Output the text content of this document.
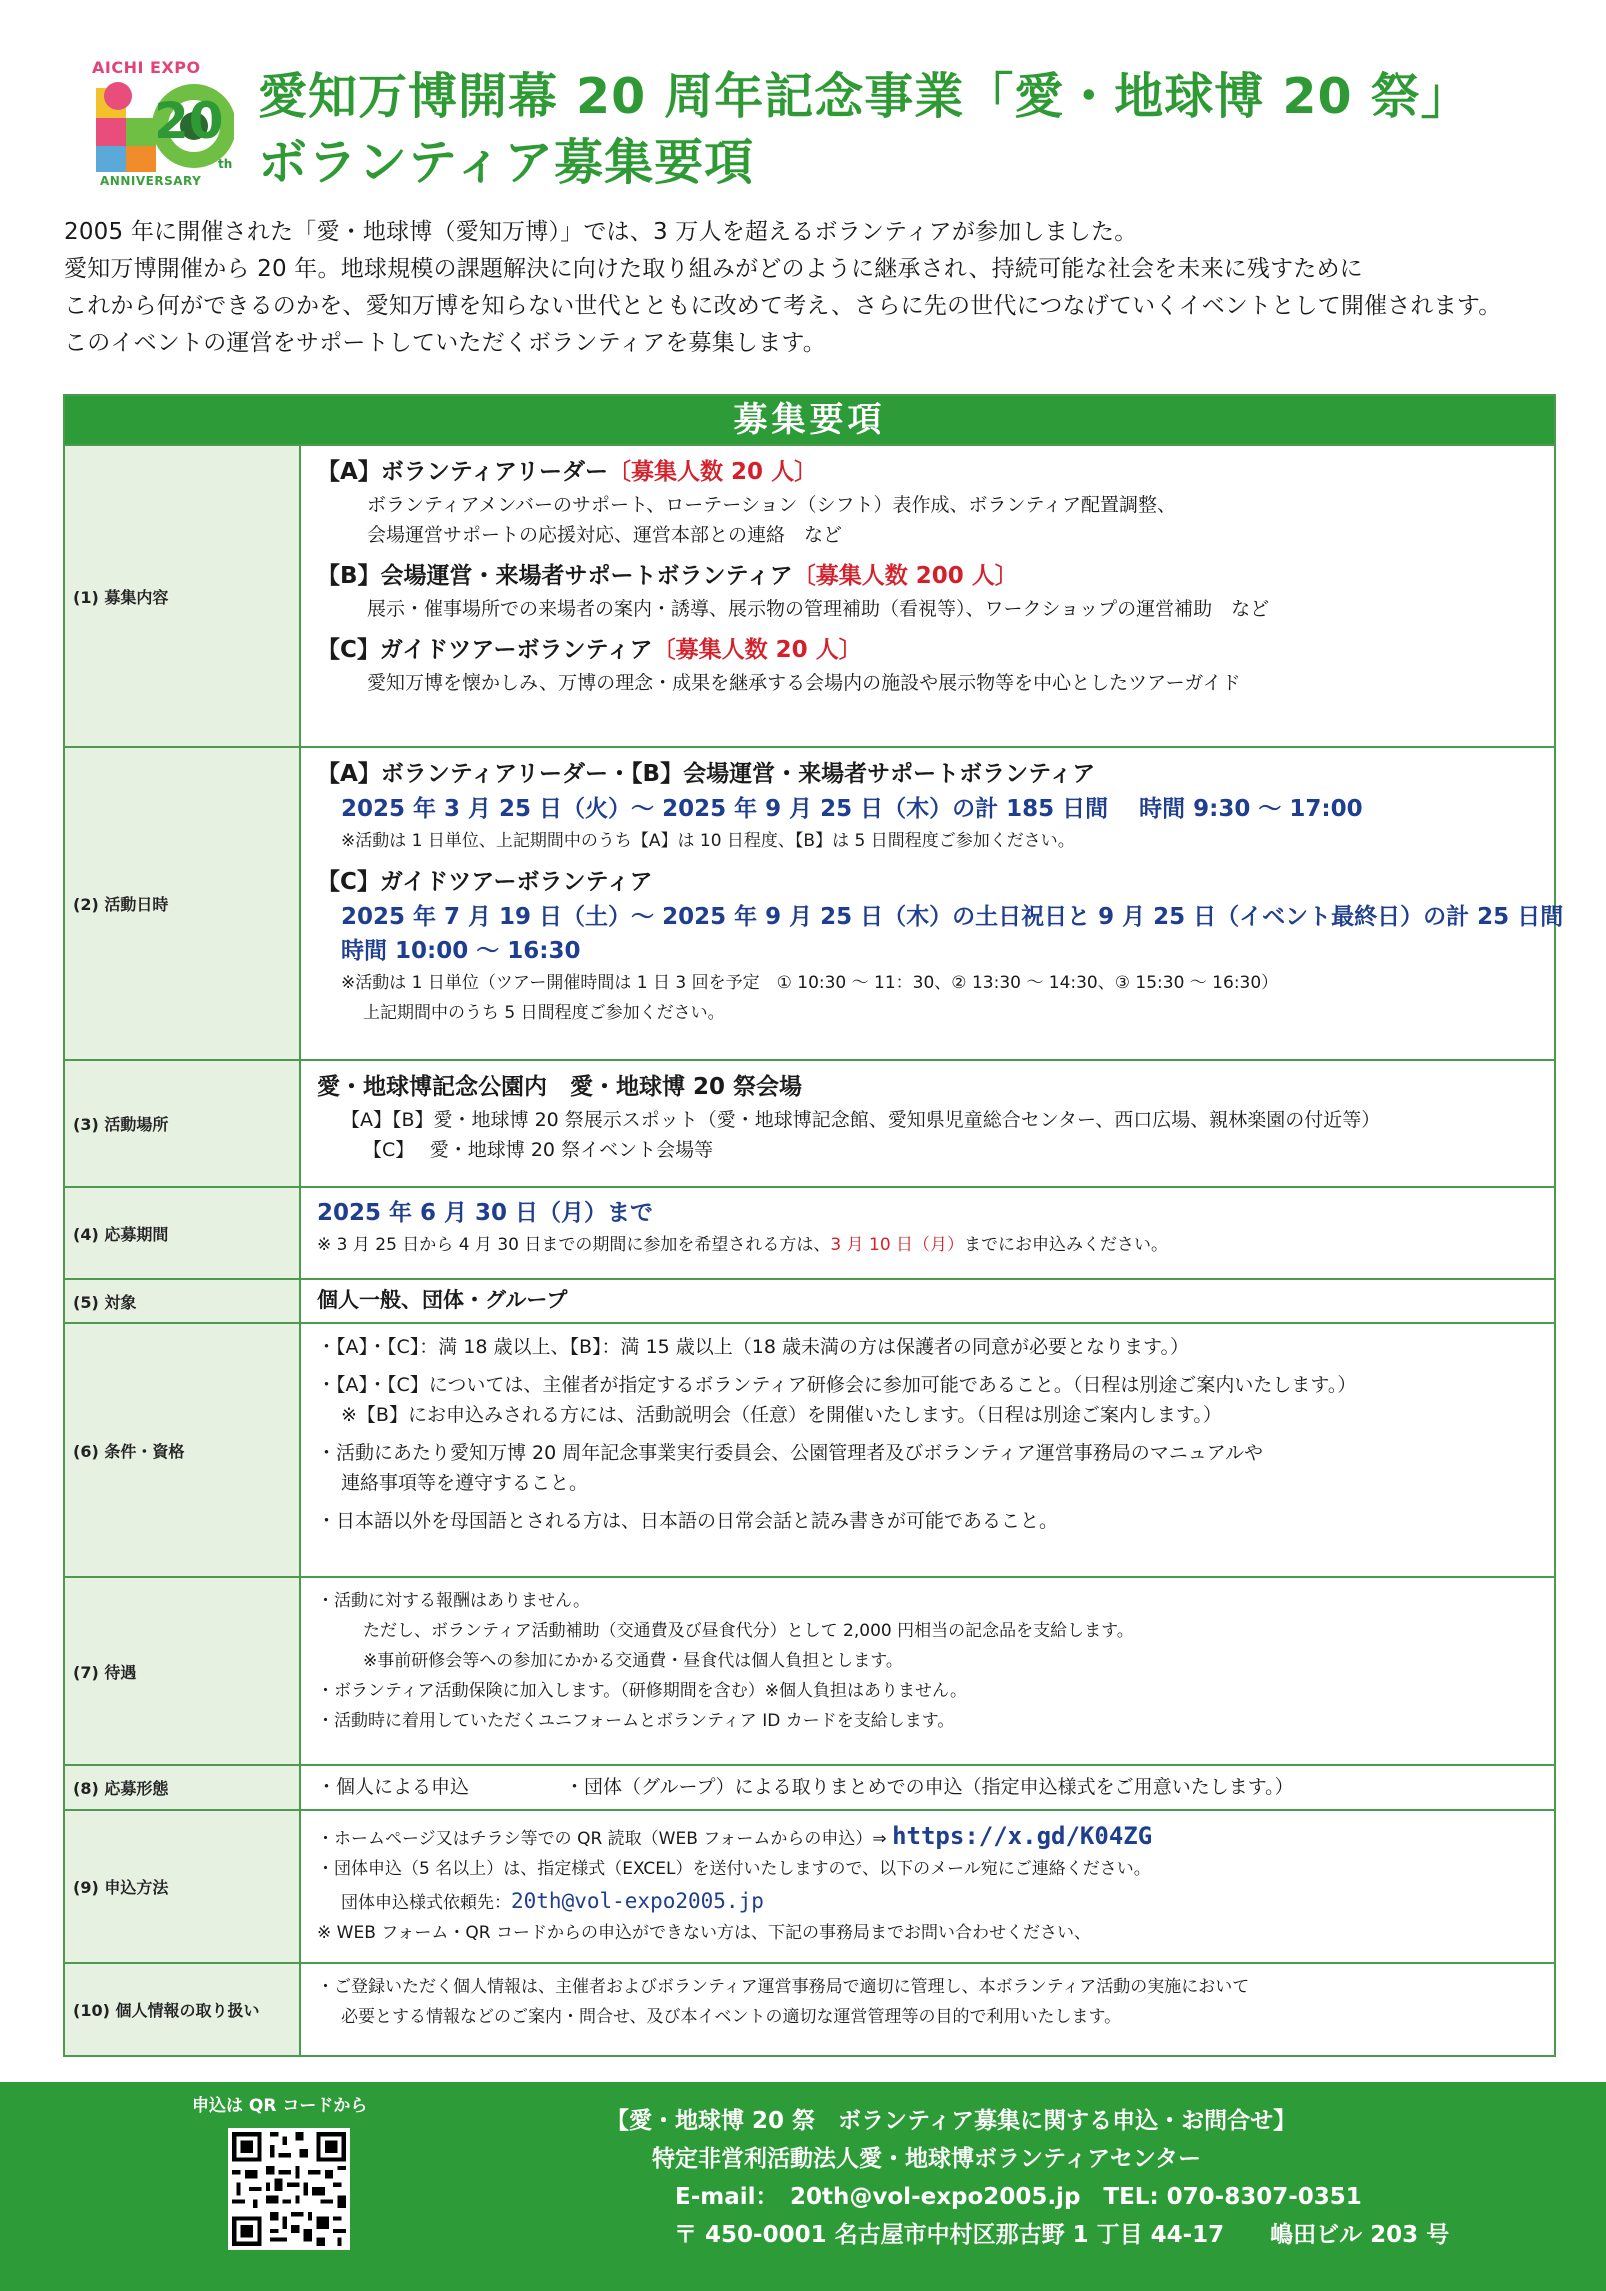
AICHI EXPO
20
th
ANNIVERSARY
愛知万博開幕 20 周年記念事業「愛・地球博 20 祭」
ボランティア募集要項

2005 年に開催された「愛・地球博（愛知万博）」では、3 万人を超えるボランティアが参加しました。

愛知万博開催から 20 年。地球規模の課題解決に向けた取り組みがどのように継承され、持続可能な社会を未来に残すために

これから何ができるのかを、愛知万博を知らない世代とともに改めて考え、さらに先の世代につなげていくイベントとして開催されます。

このイベントの運営をサポートしていただくボランティアを募集します。

募集要項
(1) 募集内容

【A】ボランティアリーダー〔募集人数 20 人〕

ボランティアメンバーのサポート、ローテーション（シフト）表作成、ボランティア配置調整、

会場運営サポートの応援対応、運営本部との連絡　など

【B】会場運営・来場者サポートボランティア〔募集人数 200 人〕

展示・催事場所での来場者の案内・誘導、展示物の管理補助（看視等）、ワークショップの運営補助　など

【C】ガイドツアーボランティア〔募集人数 20 人〕

愛知万博を懐かしみ、万博の理念・成果を継承する会場内の施設や展示物等を中心としたツアーガイド

(2) 活動日時

【A】ボランティアリーダー・【B】会場運営・来場者サポートボランティア

2025 年 3 月 25 日（火）～ 2025 年 9 月 25 日（木）の計 185 日間　 時間 9:30 ～ 17:00

※活動は 1 日単位、上記期間中のうち【A】は 10 日程度、【B】は 5 日間程度ご参加ください。

【C】ガイドツアーボランティア

2025 年 7 月 19 日（土）～ 2025 年 9 月 25 日（木）の土日祝日と 9 月 25 日（イベント最終日）の計 25 日間

時間 10:00 ～ 16:30

※活動は 1 日単位（ツアー開催時間は 1 日 3 回を予定　① 10:30 ～ 11：30、② 13:30 ～ 14:30、③ 15:30 ～ 16:30）

上記期間中のうち 5 日間程度ご参加ください。

(3) 活動場所

愛・地球博記念公園内　愛・地球博 20 祭会場

【A】【B】愛・地球博 20 祭展示スポット（愛・地球博記念館、愛知県児童総合センター、西口広場、親林楽園の付近等）

【C】　 愛・地球博 20 祭イベント会場等

(4) 応募期間

2025 年 6 月 30 日（月）まで

※ 3 月 25 日から 4 月 30 日までの期間に参加を希望される方は、3 月 10 日（月）までにお申込みください。

(5) 対象	個人一般、団体・グループ

(6) 条件・資格

・【A】・【C】：満 18 歳以上、【B】：満 15 歳以上（18 歳未満の方は保護者の同意が必要となります。）

・【A】・【C】については、主催者が指定するボランティア研修会に参加可能であること。（日程は別途ご案内いたします。）

※【B】にお申込みされる方には、活動説明会（任意）を開催いたします。（日程は別途ご案内します。）

・活動にあたり愛知万博 20 周年記念事業実行委員会、公園管理者及びボランティア運営事務局のマニュアルや

連絡事項等を遵守すること。

・日本語以外を母国語とされる方は、日本語の日常会話と読み書きが可能であること。

(7) 待遇

・活動に対する報酬はありません。

ただし、ボランティア活動補助（交通費及び昼食代分）として 2,000 円相当の記念品を支給します。

※事前研修会等への参加にかかる交通費・昼食代は個人負担とします。

・ボランティア活動保険に加入します。（研修期間を含む）※個人負担はありません。

・活動時に着用していただくユニフォームとボランティア ID カードを支給します。

(8) 応募形態	・個人による申込	・団体（グループ）による取りまとめでの申込（指定申込様式をご用意いたします。）

(9) 申込方法

・ホームページ又はチラシ等での QR 読取（WEB フォームからの申込）⇒ https://x.gd/K04ZG

・団体申込（5 名以上）は、指定様式（EXCEL）を送付いたしますので、以下のメール宛にご連絡ください。

団体申込様式依頼先：20th@vol-expo2005.jp

※ WEB フォーム・QR コードからの申込ができない方は、下記の事務局までお問い合わせください、

(10) 個人情報の取り扱い

・ご登録いただく個人情報は、主催者およびボランティア運営事務局で適切に管理し、本ボランティア活動の実施において

必要とする情報などのご案内・問合せ、及び本イベントの適切な運営管理等の目的で利用いたします。

申込は QR コードから

【愛・地球博 20 祭　ボランティア募集に関する申込・お問合せ】

特定非営利活動法人愛・地球博ボランティアセンター

E-mail：　20th@vol-expo2005.jp　TEL: 070-8307-0351

〒 450-0001 名古屋市中村区那古野 1 丁目 44-17　　嶋田ビル 203 号
